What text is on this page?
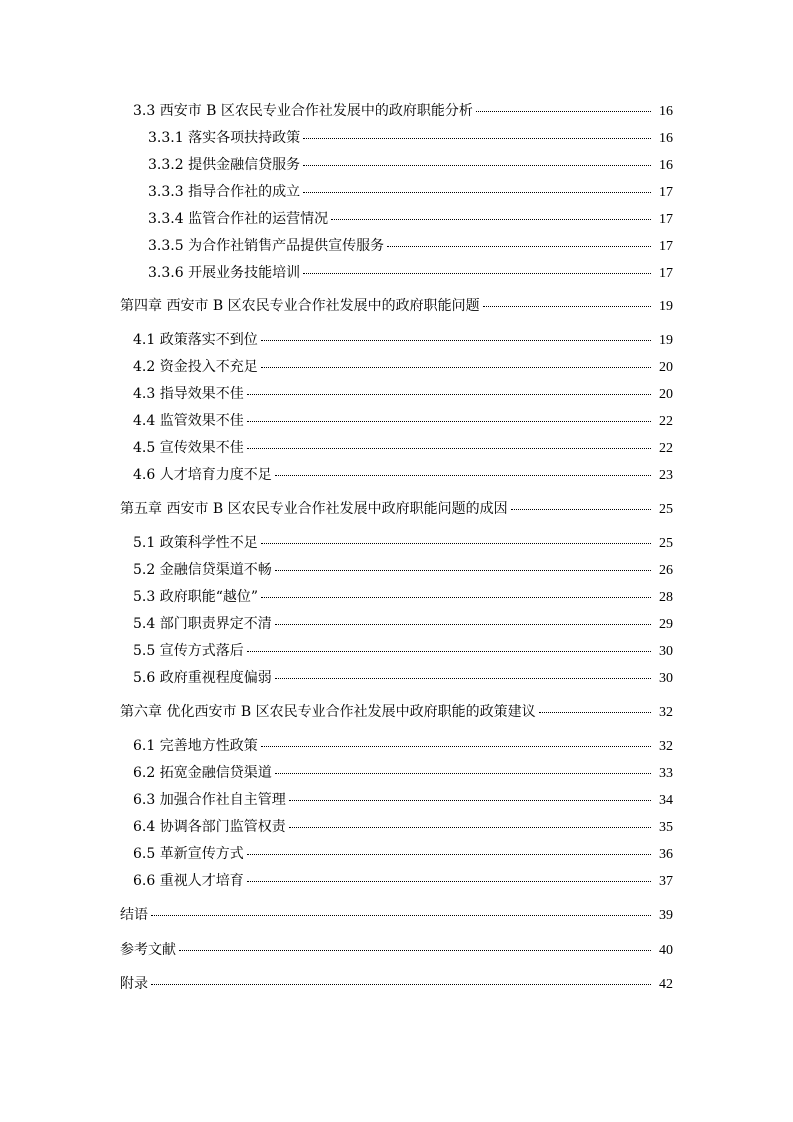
3.3 西安市 B 区农民专业合作社发展中的政府职能分析	16
3.3.1 落实各项扶持政策	16
3.3.2 提供金融信贷服务	16
3.3.3 指导合作社的成立	17
3.3.4 监管合作社的运营情况	17
3.3.5 为合作社销售产品提供宣传服务	17
3.3.6 开展业务技能培训	17
第四章 西安市 B 区农民专业合作社发展中的政府职能问题	19
4.1 政策落实不到位	19
4.2 资金投入不充足	20
4.3 指导效果不佳	20
4.4 监管效果不佳	22
4.5 宣传效果不佳	22
4.6 人才培育力度不足	23
第五章 西安市 B 区农民专业合作社发展中政府职能问题的成因	25
5.1 政策科学性不足	25
5.2 金融信贷渠道不畅	26
5.3 政府职能“越位”	28
5.4 部门职责界定不清	29
5.5 宣传方式落后	30
5.6 政府重视程度偏弱	30
第六章 优化西安市 B 区农民专业合作社发展中政府职能的政策建议	32
6.1 完善地方性政策	32
6.2 拓宽金融信贷渠道	33
6.3 加强合作社自主管理	34
6.4 协调各部门监管权责	35
6.5 革新宣传方式	36
6.6 重视人才培育	37
结语	39
参考文献	40
附录	42
